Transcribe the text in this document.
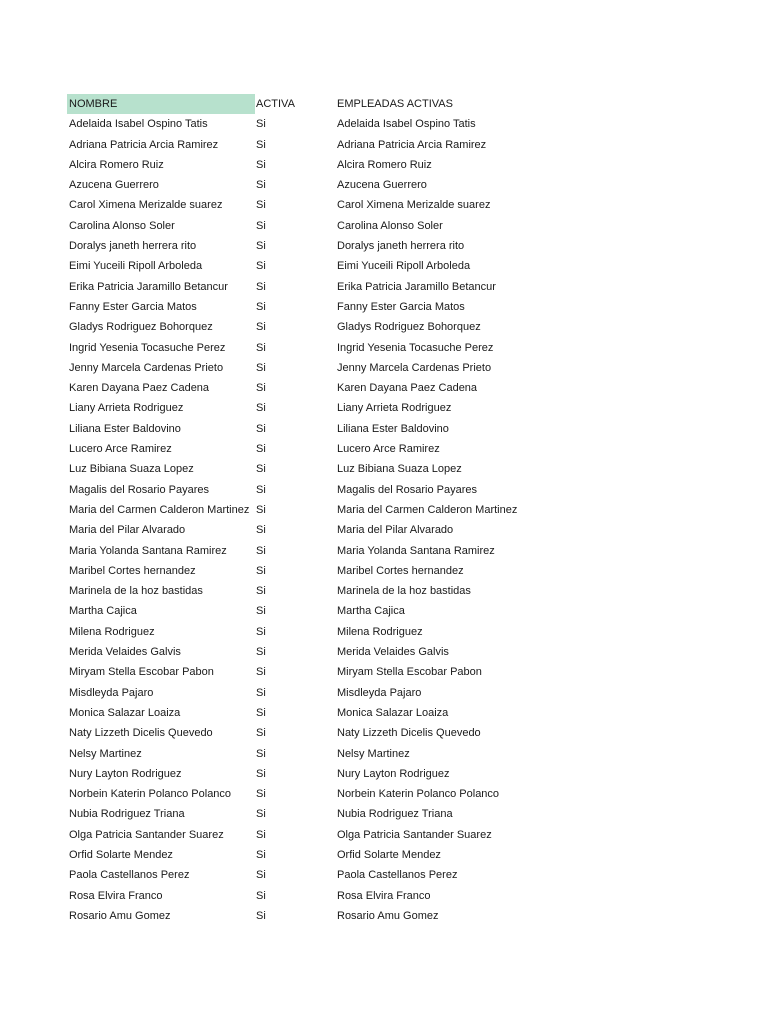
NOMBRE	ACTIVA	EMPLEADAS ACTIVAS
Adelaida Isabel Ospino Tatis	Si	Adelaida Isabel Ospino Tatis
Adriana Patricia Arcia Ramirez	Si	Adriana Patricia Arcia Ramirez
Alcira Romero Ruiz	Si	Alcira Romero Ruiz
Azucena Guerrero	Si	Azucena Guerrero
Carol Ximena Merizalde suarez	Si	Carol Ximena Merizalde suarez
Carolina Alonso Soler	Si	Carolina Alonso Soler
Doralys janeth herrera rito	Si	Doralys janeth herrera rito
Eimi Yuceili Ripoll Arboleda	Si	Eimi Yuceili Ripoll Arboleda
Erika Patricia Jaramillo Betancur	Si	Erika Patricia Jaramillo Betancur
Fanny Ester Garcia Matos	Si	Fanny Ester Garcia Matos
Gladys Rodriguez Bohorquez	Si	Gladys Rodriguez Bohorquez
Ingrid Yesenia Tocasuche Perez	Si	Ingrid Yesenia Tocasuche Perez
Jenny Marcela Cardenas Prieto	Si	Jenny Marcela Cardenas Prieto
Karen Dayana Paez Cadena	Si	Karen Dayana Paez Cadena
Liany Arrieta Rodriguez	Si	Liany Arrieta Rodriguez
Liliana Ester Baldovino	Si	Liliana Ester Baldovino
Lucero Arce Ramirez	Si	Lucero Arce Ramirez
Luz Bibiana Suaza Lopez	Si	Luz Bibiana Suaza Lopez
Magalis del Rosario Payares	Si	Magalis del Rosario Payares
Maria del Carmen Calderon Martinez Si	Maria del Carmen Calderon Martinez
Maria del Pilar Alvarado	Si	Maria del Pilar Alvarado
Maria Yolanda Santana Ramirez	Si	Maria Yolanda Santana Ramirez
Maribel Cortes hernandez	Si	Maribel Cortes hernandez
Marinela de la hoz bastidas	Si	Marinela de la hoz bastidas
Martha Cajica	Si	Martha Cajica
Milena Rodriguez	Si	Milena Rodriguez
Merida Velaides Galvis	Si	Merida Velaides Galvis
Miryam Stella Escobar Pabon	Si	Miryam Stella Escobar Pabon
Misdleyda Pajaro	Si	Misdleyda Pajaro
Monica Salazar Loaiza	Si	Monica Salazar Loaiza
Naty Lizzeth Dicelis Quevedo	Si	Naty Lizzeth Dicelis Quevedo
Nelsy Martinez	Si	Nelsy Martinez
Nury Layton Rodriguez	Si	Nury Layton Rodriguez
Norbein Katerin Polanco Polanco	Si	Norbein Katerin Polanco Polanco
Nubia Rodriguez Triana	Si	Nubia Rodriguez Triana
Olga Patricia Santander Suarez	Si	Olga Patricia Santander Suarez
Orfid Solarte Mendez	Si	Orfid Solarte Mendez
Paola Castellanos Perez	Si	Paola Castellanos Perez
Rosa Elvira Franco	Si	Rosa Elvira Franco
Rosario Amu Gomez	Si	Rosario Amu Gomez
